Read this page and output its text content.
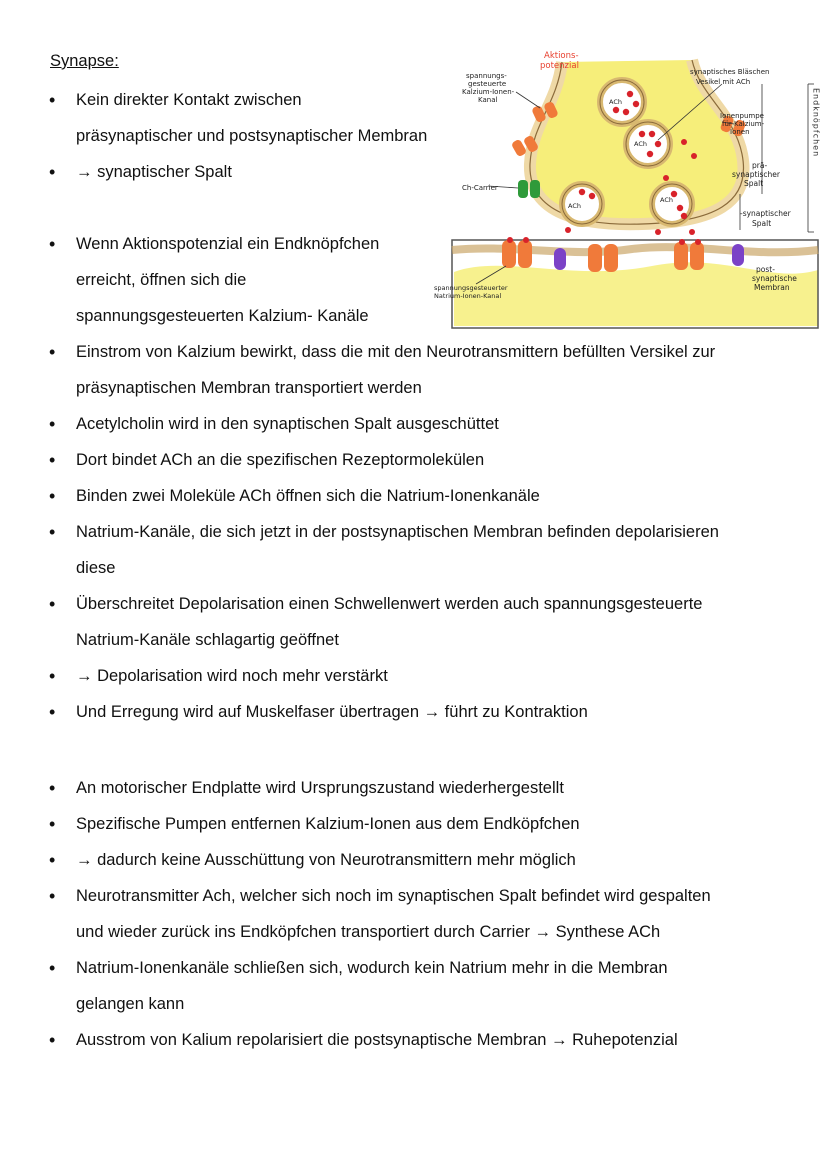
Synapse:
• Kein direkter Kontakt zwischen
präsynaptischer und postsynaptischer Membran
• → synaptischer Spalt
• Wenn Aktionspotenzial ein Endknöpfchen
erreicht, öffnen sich die
spannungsgesteuerten Kalzium- Kanäle
• Einstrom von Kalzium bewirkt, dass die mit den Neurotransmittern befüllten Versikel zur
präsynaptischen Membran transportiert werden
• Acetylcholin wird in den synaptischen Spalt ausgeschüttet
• Dort bindet ACh an die spezifischen Rezeptormolekülen
• Binden zwei Moleküle ACh öffnen sich die Natrium-Ionenkanäle
• Natrium-Kanäle, die sich jetzt in der postsynaptischen Membran befinden depolarisieren
diese
• Überschreitet Depolarisation einen Schwellenwert werden auch spannungsgesteuerte
Natrium-Kanäle schlagartig geöffnet
• → Depolarisation wird noch mehr verstärkt
• Und Erregung wird auf Muskelfaser übertragen → führt zu Kontraktion
• An motorischer Endplatte wird Ursprungszustand wiederhergestellt
• Spezifische Pumpen entfernen Kalzium-Ionen aus dem Endköpfchen
• → dadurch keine Ausschüttung von Neurotransmittern mehr möglich
• Neurotransmitter Ach, welcher sich noch im synaptischen Spalt befindet wird gespalten
und wieder zurück ins Endköpfchen transportiert durch Carrier → Synthese ACh
• Natrium-Ionenkanäle schließen sich, wodurch kein Natrium mehr in die Membran
gelangen kann
• Ausstrom von Kalium repolarisiert die postsynaptische Membran → Ruhepotenzial
Aktions- potenzial
spannungs- gesteuerte Kalzium-Ionen- Kanal
synaptisches Bläschen Vesikel mit ACh
Ionenpumpe für Kalzium- Ionen
Ch-Carrier
prä- synaptischer Spalt
-synaptischer Spalt
post- synaptische Membran
spannungsgesteuerter Natrium-Ionen-Kanal
Endknöpfchen
ACh
ACh
ACh
ACh
